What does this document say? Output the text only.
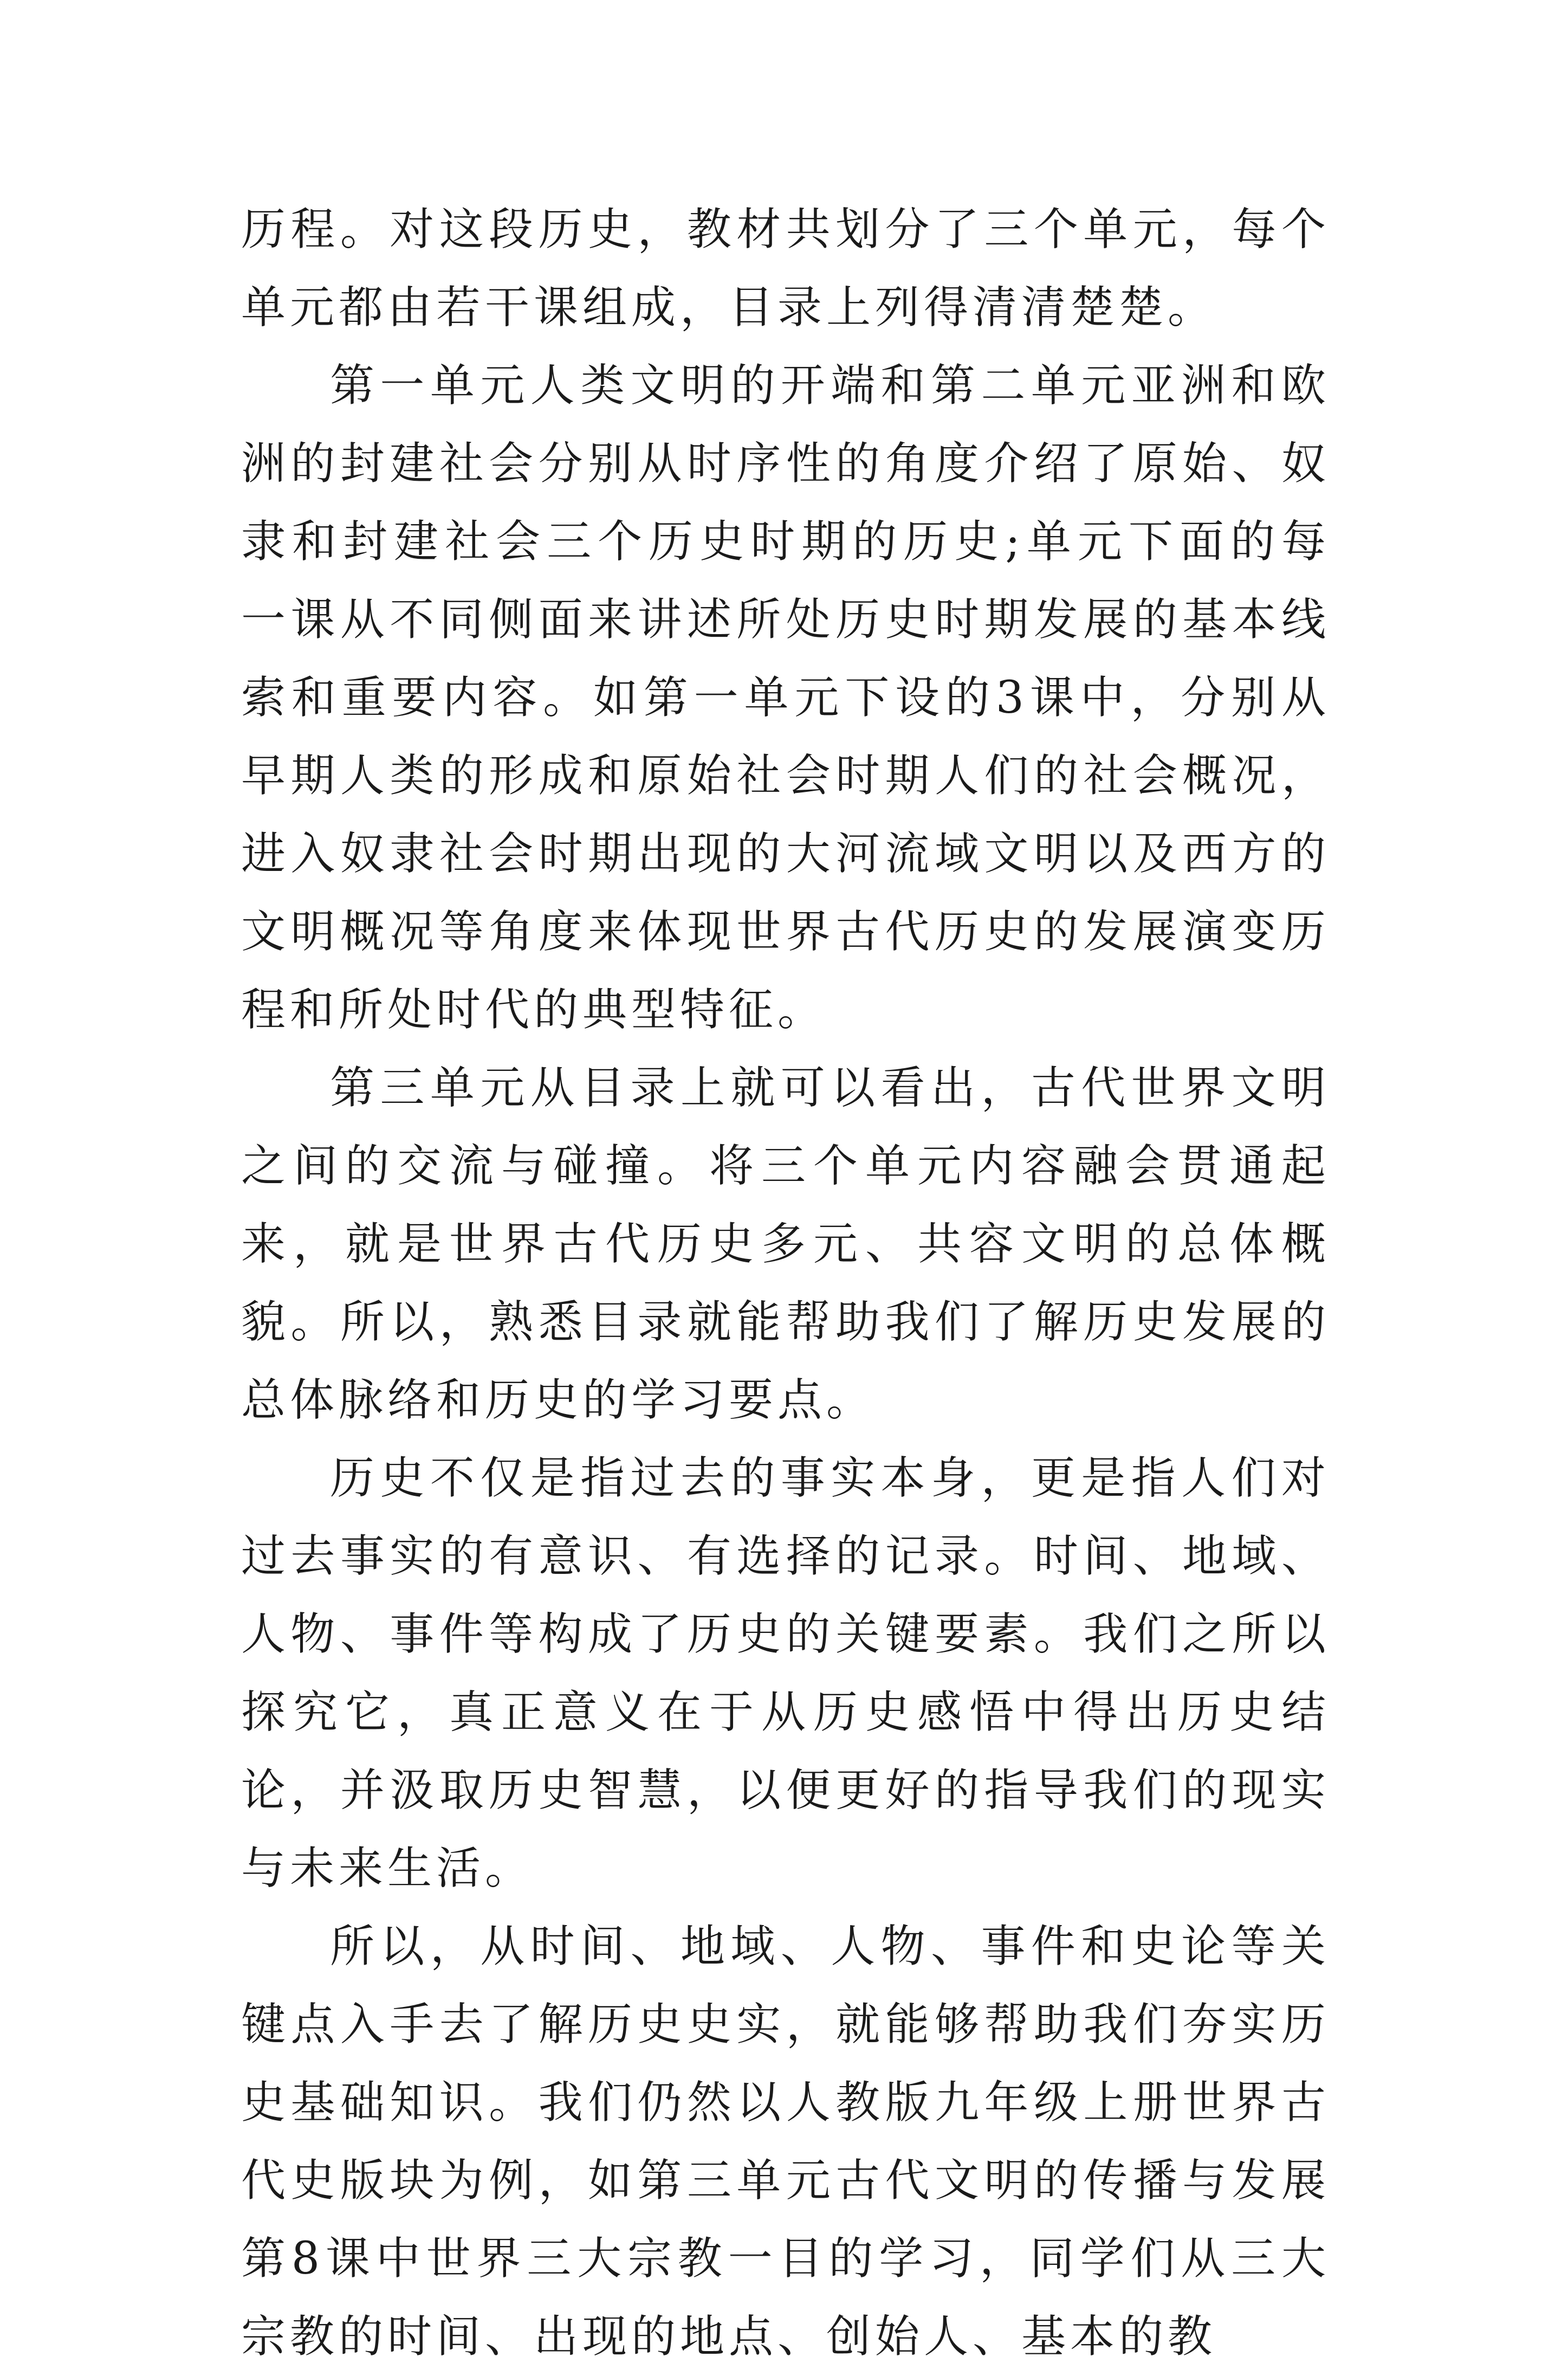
历程。对这段历史，教材共划分了三个单元，每个单元都由若干课组成，目录上列得清清楚楚。

第一单元人类文明的开端和第二单元亚洲和欧洲的封建社会分别从时序性的角度介绍了原始、奴隶和封建社会三个历史时期的历史;单元下面的每一课从不同侧面来讲述所处历史时期发展的基本线索和重要内容。如第一单元下设的3课中，分别从早期人类的形成和原始社会时期人们的社会概况，进入奴隶社会时期出现的大河流域文明以及西方的文明概况等角度来体现世界古代历史的发展演变历程和所处时代的典型特征。

第三单元从目录上就可以看出，古代世界文明之间的交流与碰撞。将三个单元内容融会贯通起来，就是世界古代历史多元、共容文明的总体概貌。所以，熟悉目录就能帮助我们了解历史发展的总体脉络和历史的学习要点。

历史不仅是指过去的事实本身，更是指人们对过去事实的有意识、有选择的记录。时间、地域、人物、事件等构成了历史的关键要素。我们之所以探究它，真正意义在于从历史感悟中得出历史结论，并汲取历史智慧，以便更好的指导我们的现实与未来生活。

所以，从时间、地域、人物、事件和史论等关键点入手去了解历史史实，就能够帮助我们夯实历史基础知识。我们仍然以人教版九年级上册世界古代史版块为例，如第三单元古代文明的传播与发展第8课中世界三大宗教一目的学习，同学们从三大宗教的时间、出现的地点、创始人、基本的教
